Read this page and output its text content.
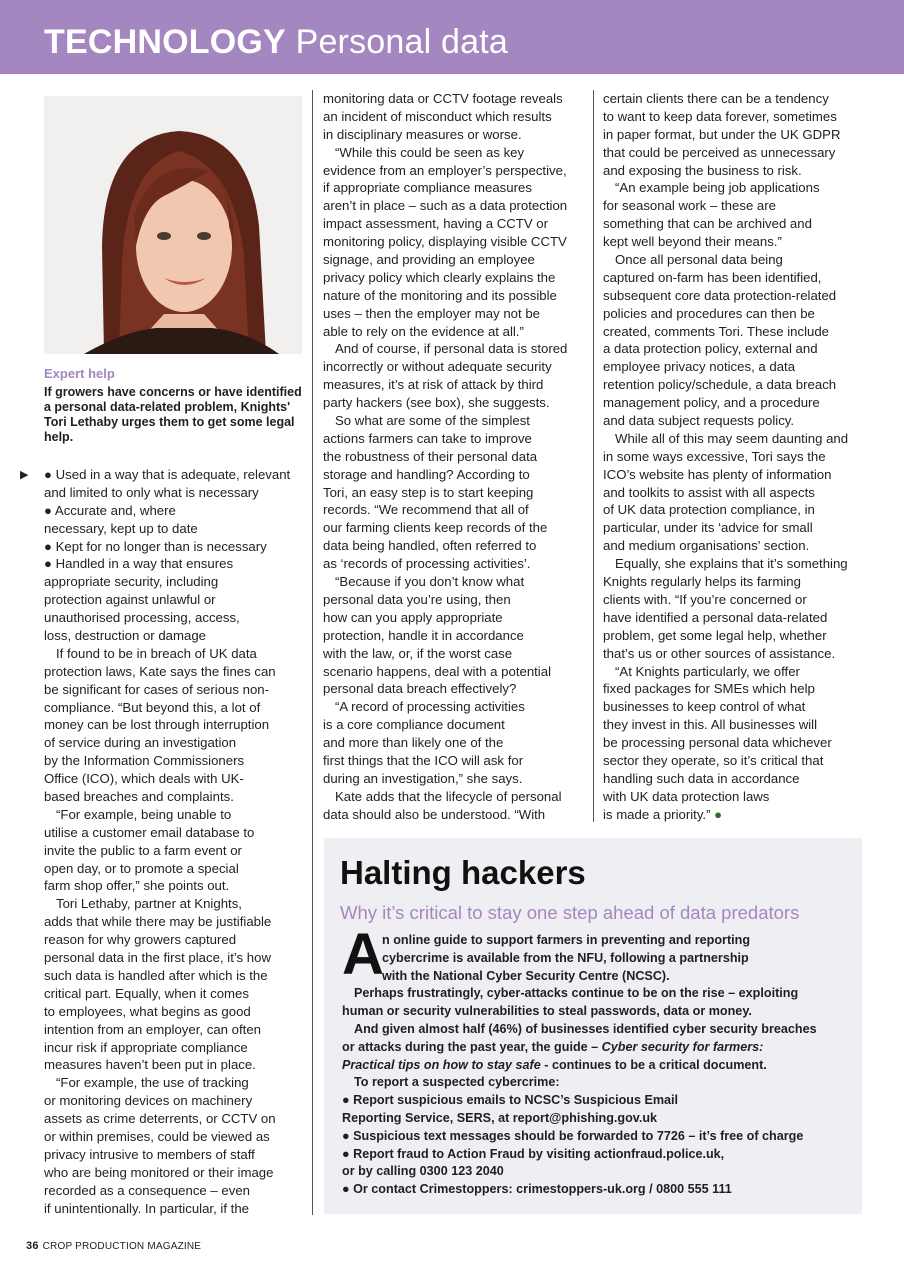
TECHNOLOGY Personal data
Expert help
If growers have concerns or have identified a personal data-related problem, Knights' Tori Lethaby urges them to get some legal help.
▶ ● Used in a way that is adequate, relevant
and limited to only what is necessary
● Accurate and, where
necessary, kept up to date
● Kept for no longer than is necessary
● Handled in a way that ensures
appropriate security, including
protection against unlawful or
unauthorised processing, access,
loss, destruction or damage
If found to be in breach of UK data
protection laws, Kate says the fines can
be significant for cases of serious non-
compliance. “But beyond this, a lot of
money can be lost through interruption
of service during an investigation
by the Information Commissioners
Office (ICO), which deals with UK-
based breaches and complaints.
“For example, being unable to
utilise a customer email database to
invite the public to a farm event or
open day, or to promote a special
farm shop offer,” she points out.
Tori Lethaby, partner at Knights,
adds that while there may be justifiable
reason for why growers captured
personal data in the first place, it’s how
such data is handled after which is the
critical part. Equally, when it comes
to employees, what begins as good
intention from an employer, can often
incur risk if appropriate compliance
measures haven’t been put in place.
“For example, the use of tracking
or monitoring devices on machinery
assets as crime deterrents, or CCTV on
or within premises, could be viewed as
privacy intrusive to members of staff
who are being monitored or their image
recorded as a consequence – even
if unintentionally. In particular, if the
monitoring data or CCTV footage reveals
an incident of misconduct which results
in disciplinary measures or worse.
“While this could be seen as key
evidence from an employer’s perspective,
if appropriate compliance measures
aren’t in place – such as a data protection
impact assessment, having a CCTV or
monitoring policy, displaying visible CCTV
signage, and providing an employee
privacy policy which clearly explains the
nature of the monitoring and its possible
uses – then the employer may not be
able to rely on the evidence at all.”
And of course, if personal data is stored
incorrectly or without adequate security
measures, it’s at risk of attack by third
party hackers (see box), she suggests.
So what are some of the simplest
actions farmers can take to improve
the robustness of their personal data
storage and handling? According to
Tori, an easy step is to start keeping
records. “We recommend that all of
our farming clients keep records of the
data being handled, often referred to
as ‘records of processing activities’.
“Because if you don’t know what
personal data you’re using, then
how can you apply appropriate
protection, handle it in accordance
with the law, or, if the worst case
scenario happens, deal with a potential
personal data breach effectively?
“A record of processing activities
is a core compliance document
and more than likely one of the
first things that the ICO will ask for
during an investigation,” she says.
Kate adds that the lifecycle of personal
data should also be understood. “With
certain clients there can be a tendency
to want to keep data forever, sometimes
in paper format, but under the UK GDPR
that could be perceived as unnecessary
and exposing the business to risk.
“An example being job applications
for seasonal work – these are
something that can be archived and
kept well beyond their means.”
Once all personal data being
captured on-farm has been identified,
subsequent core data protection-related
policies and procedures can then be
created, comments Tori. These include
a data protection policy, external and
employee privacy notices, a data
retention policy/schedule, a data breach
management policy, and a procedure
and data subject requests policy.
While all of this may seem daunting and
in some ways excessive, Tori says the
ICO’s website has plenty of information
and toolkits to assist with all aspects
of UK data protection compliance, in
particular, under its ‘advice for small
and medium organisations’ section.
Equally, she explains that it’s something
Knights regularly helps its farming
clients with. “If you’re concerned or
have identified a personal data-related
problem, get some legal help, whether
that’s us or other sources of assistance.
“At Knights particularly, we offer
fixed packages for SMEs which help
businesses to keep control of what
they invest in this. All businesses will
be processing personal data whichever
sector they operate, so it’s critical that
handling such data in accordance
with UK data protection laws
is made a priority.” ●
Halting hackers
Why it’s critical to stay one step ahead of data predators
A
n online guide to support farmers in preventing and reporting
cybercrime is available from the NFU, following a partnership
with the National Cyber Security Centre (NCSC).
Perhaps frustratingly, cyber-attacks continue to be on the rise – exploiting
human or security vulnerabilities to steal passwords, data or money.
And given almost half (46%) of businesses identified cyber security breaches
or attacks during the past year, the guide – Cyber security for farmers:
Practical tips on how to stay safe - continues to be a critical document.
To report a suspected cybercrime:
● Report suspicious emails to NCSC’s Suspicious Email
Reporting Service, SERS, at report@phishing.gov.uk
● Suspicious text messages should be forwarded to 7726 – it’s free of charge
● Report fraud to Action Fraud by visiting actionfraud.police.uk,
or by calling 0300 123 2040
● Or contact Crimestoppers: crimestoppers-uk.org / 0800 555 111
36 CROP PRODUCTION MAGAZINE
